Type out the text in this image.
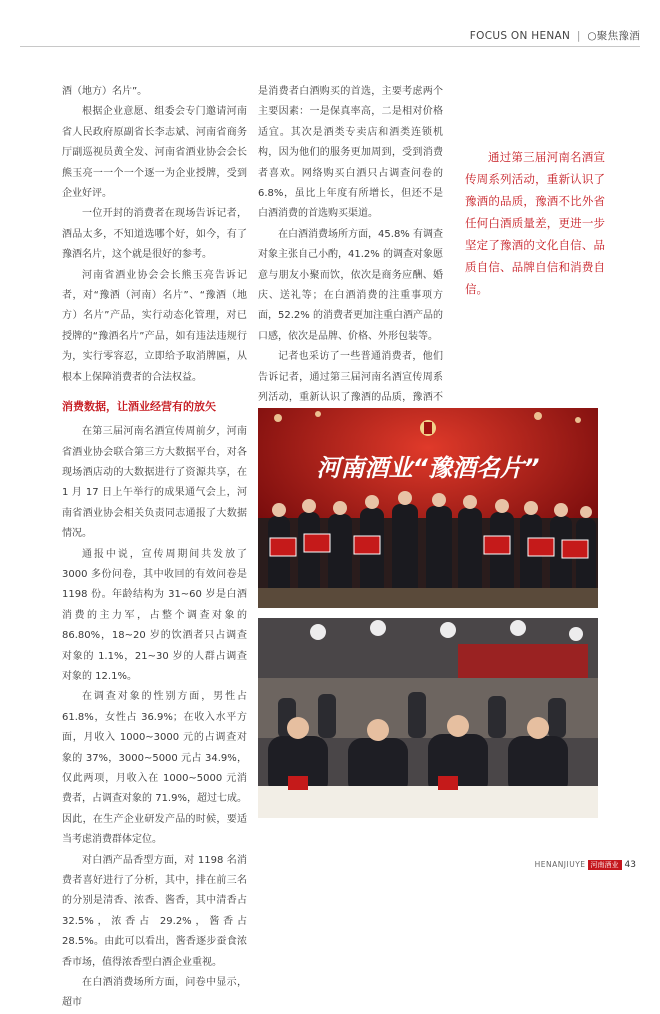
FOCUS ON HENAN | ○聚焦豫酒

酒（地方）名片”。

根据企业意愿、组委会专门邀请河南省人民政府原副省长李志斌、河南省商务厅副巡视员黄全发、河南省酒业协会会长熊玉亮一一个一个逐一为企业授牌，受到企业好评。

一位开封的消费者在现场告诉记者，酒品太多，不知道选哪个好，如今，有了豫酒名片，这个就是很好的参考。

河南省酒业协会会长熊玉亮告诉记者，对“豫酒（河南）名片”、“豫酒（地方）名片”产品，实行动态化管理，对已授牌的“豫酒名片”产品，如有违法违规行为，实行零容忍，立即给予取消牌匾，从根本上保障消费者的合法权益。

消费数据，让酒业经营有的放矢

在第三届河南名酒宣传周前夕，河南省酒业协会联合第三方大数据平台，对各现场酒店动的大数据进行了资源共享，在 1 月 17 日上午举行的成果通气会上，河南省酒业协会相关负责同志通报了大数据情况。

通报中说，宣传周期间共发放了 3000 多份问卷，其中收回的有效问卷是 1198 份。年龄结构为 31~60 岁是白酒消费的主力军，占整个调查对象的 86.80%，18~20 岁的饮酒者只占调查对象的 1.1%，21~30 岁的人群占调查对象的 12.1%。

在调查对象的性别方面，男性占 61.8%，女性占 36.9%；在收入水平方面，月收入 1000~3000 元的占调查对象的 37%，3000~5000 元占 34.9%，仅此两项，月收入在 1000~5000 元消费者，占调查对象的 71.9%，超过七成。因此，在生产企业研发产品的时候，要适当考虑消费群体定位。

对白酒产品香型方面，对 1198 名消费者喜好进行了分析，其中，排在前三名的分别是清香、浓香、酱香，其中清香占 32.5%，浓香占 29.2%，酱香占 28.5%。由此可以看出，酱香逐步蚕食浓香市场，值得浓香型白酒企业重视。

在白酒消费场所方面，问卷中显示，超市

是消费者白酒购买的首选，主要考虑两个主要因素：一是保真率高，二是相对价格适宜。其次是酒类专卖店和酒类连锁机构，因为他们的服务更加周到，受到消费者喜欢。网络购买白酒只占调查问卷的 6.8%，虽比上年度有所增长，但还不是白酒消费的首选购买渠道。

在白酒消费场所方面，45.8% 有调查对象主张自己小酌，41.2% 的调查对象愿意与朋友小聚而饮，依次是商务应酬、婚庆、送礼等；在白酒消费的注重事项方面，52.2% 的消费者更加注重白酒产品的口感，依次是品牌、价格、外形包装等。

记者也采访了一些普通消费者，他们告诉记者，通过第三届河南名酒宣传周系列活动，重新认识了豫酒的品质，豫酒不

通过第三届河南名酒宣传周系列活动，重新认识了豫酒的品质，豫酒不比外省任何白酒质量差，更进一步坚定了豫酒的文化自信、品质自信、品牌自信和消费自信。
河南酒业“豫酒名片”
HENANJIUYE 河南酒业 43
